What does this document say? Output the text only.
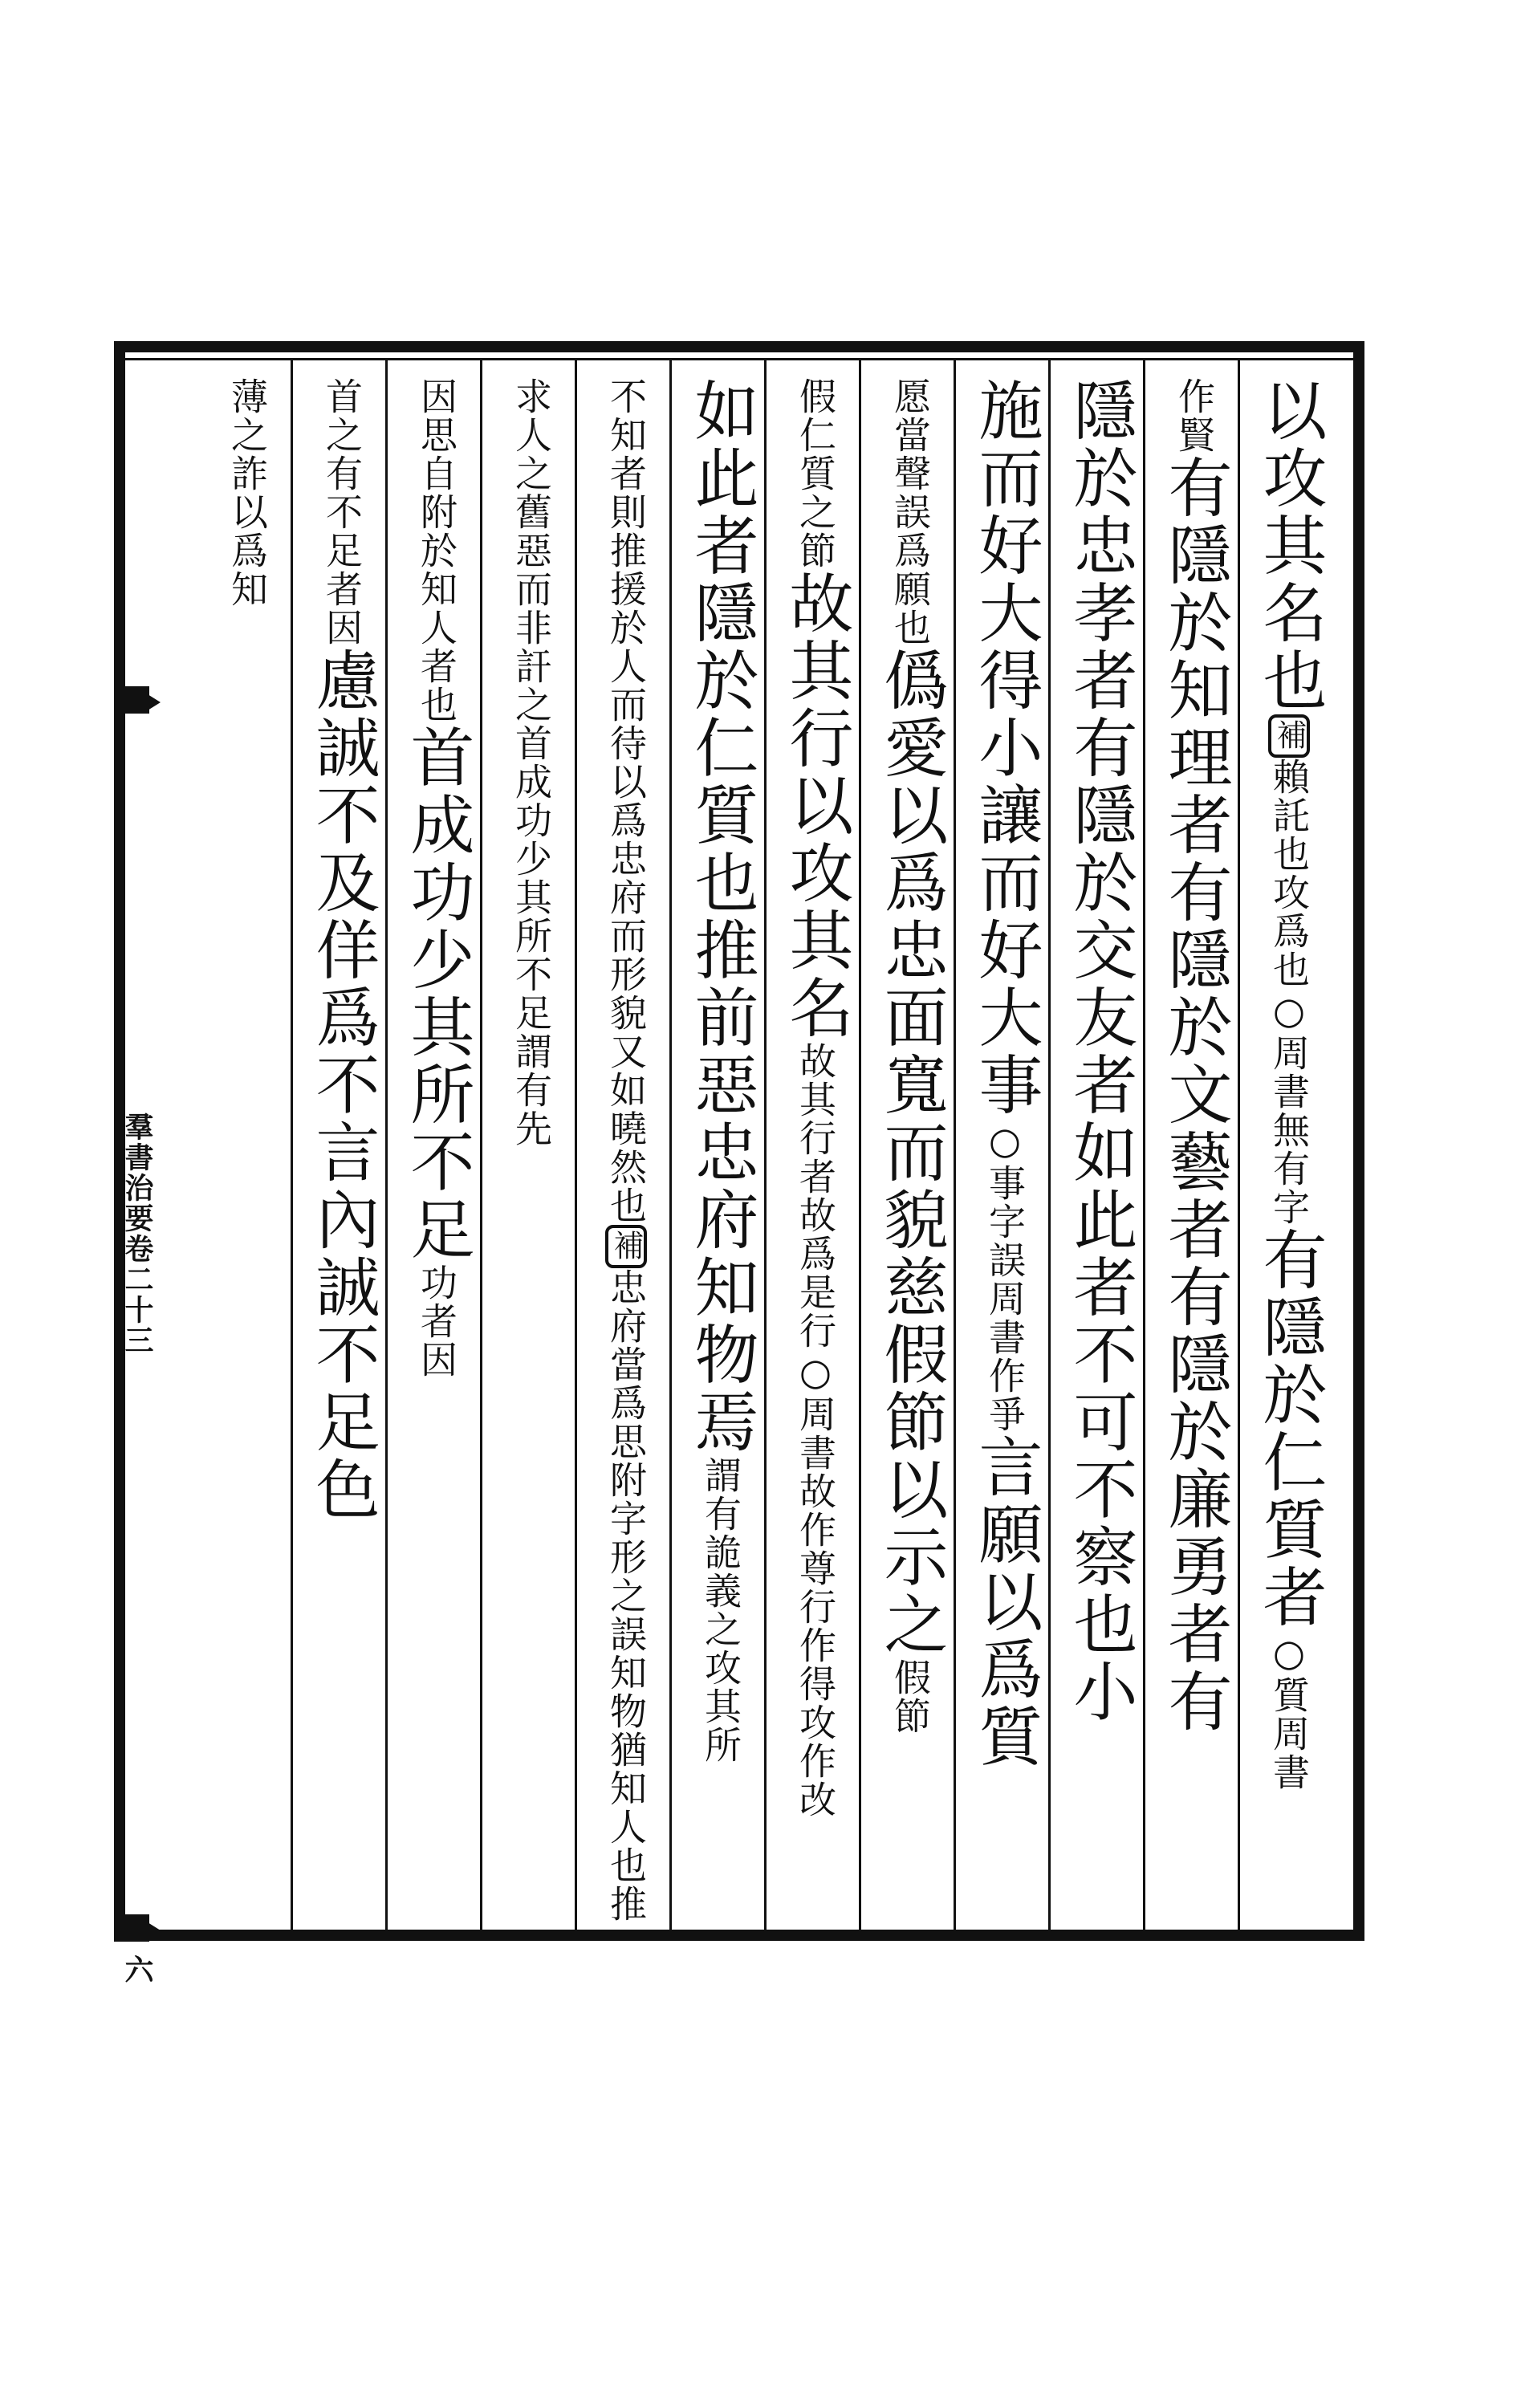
羣書治要卷二十三
六
以攻其名也補賴託也攻爲也○周書無有字有隱於仁質者○質周書
作賢有隱於知理者有隱於文藝者有隱於廉勇者有
隱於忠孝者有隱於交友者如此者不可不察也小
施而好大得小讓而好大事○事字誤周書作爭言願以爲質
愿當聲誤爲願也僞愛以爲忠面寬而貌慈假節以示之假節
假仁質之節故其行以攻其名故其行者故爲是行○周書故作尊行作得攻作改
如此者隱於仁質也推前惡忠府知物焉謂有詭義之攻其所
不知者則推援於人而待以爲忠府而形貌又如曉然也補忠府當爲思附字形之誤知物猶知人也推
求人之舊惡而非訐之首成功少其所不足謂有先
因思自附於知人者也首成功少其所不足功者因
首之有不足者因慮誠不及佯爲不言內誠不足色
薄之詐以爲知
